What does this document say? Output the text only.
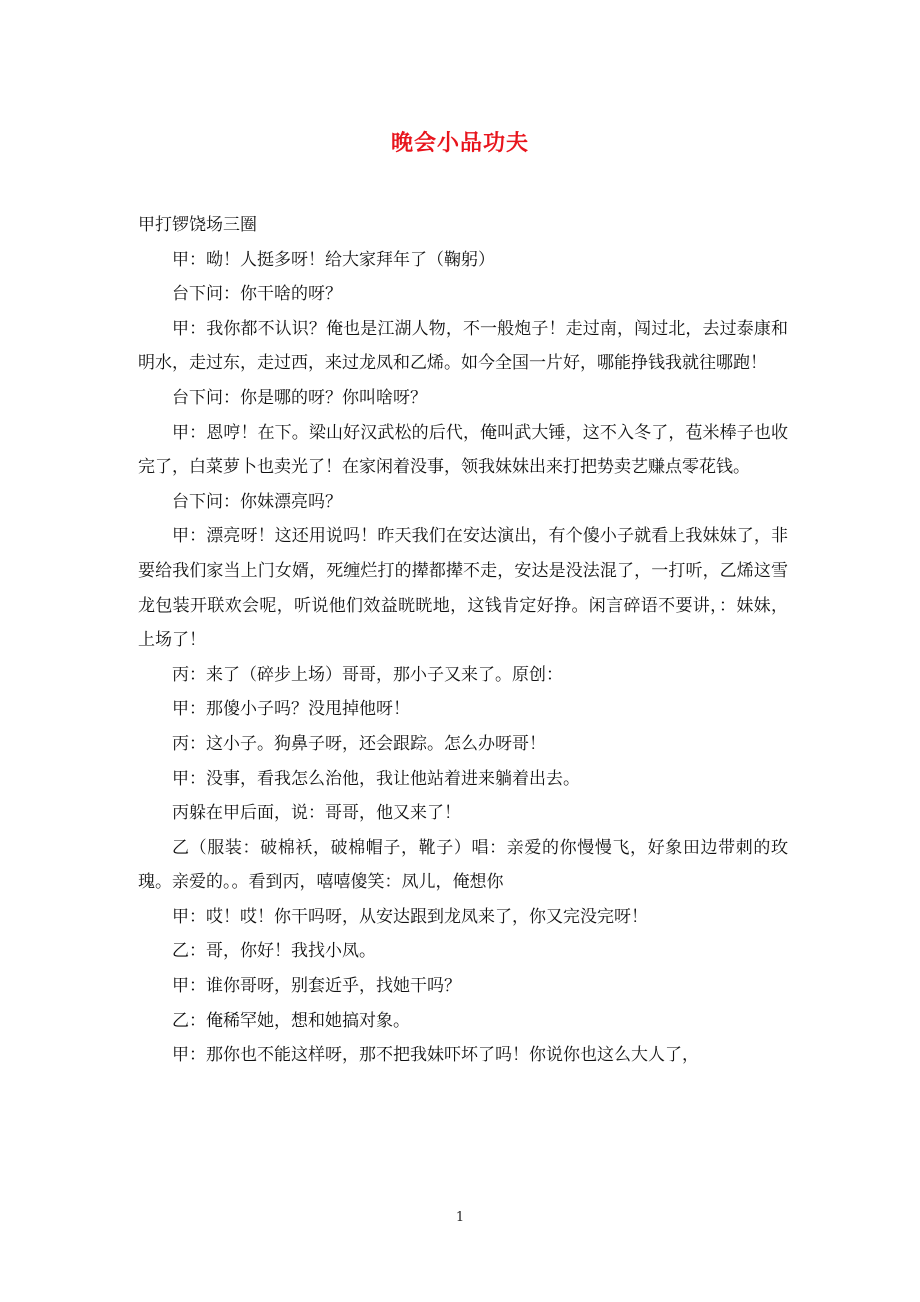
晚会小品功夫

甲打锣饶场三圈

甲：呦！人挺多呀！给大家拜年了（鞠躬）

台下问：你干啥的呀？

甲：我你都不认识？俺也是江湖人物，不一般炮子！走过南，闯过北，去过泰康和明水，走过东，走过西，来过龙凤和乙烯。如今全国一片好，哪能挣钱我就往哪跑！

台下问：你是哪的呀？你叫啥呀？

甲：恩哼！在下。梁山好汉武松的后代，俺叫武大锤，这不入冬了，苞米棒子也收完了，白菜萝卜也卖光了！在家闲着没事，领我妹妹出来打把势卖艺赚点零花钱。

台下问：你妹漂亮吗？

甲：漂亮呀！这还用说吗！昨天我们在安达演出，有个傻小子就看上我妹妹了，非要给我们家当上门女婿，死缠烂打的撵都撵不走，安达是没法混了，一打听，乙烯这雪龙包装开联欢会呢，听说他们效益晄晄地，这钱肯定好挣。闲言碎语不要讲，：妹妹，上场了！

丙：来了（碎步上场）哥哥，那小子又来了。原创：

甲：那傻小子吗？没甩掉他呀！

丙：这小子。狗鼻子呀，还会跟踪。怎么办呀哥！

甲：没事，看我怎么治他，我让他站着进来躺着出去。

丙躲在甲后面，说：哥哥，他又来了！

乙（服装：破棉袄，破棉帽子，靴子）唱：亲爱的你慢慢飞，好象田边带刺的玫瑰。亲爱的。。看到丙，嘻嘻傻笑：凤儿，俺想你

甲：哎！哎！你干吗呀，从安达跟到龙凤来了，你又完没完呀！

乙：哥，你好！我找小凤。

甲：谁你哥呀，别套近乎，找她干吗？

乙：俺稀罕她，想和她搞对象。

甲：那你也不能这样呀，那不把我妹吓坏了吗！你说你也这么大人了，

1
